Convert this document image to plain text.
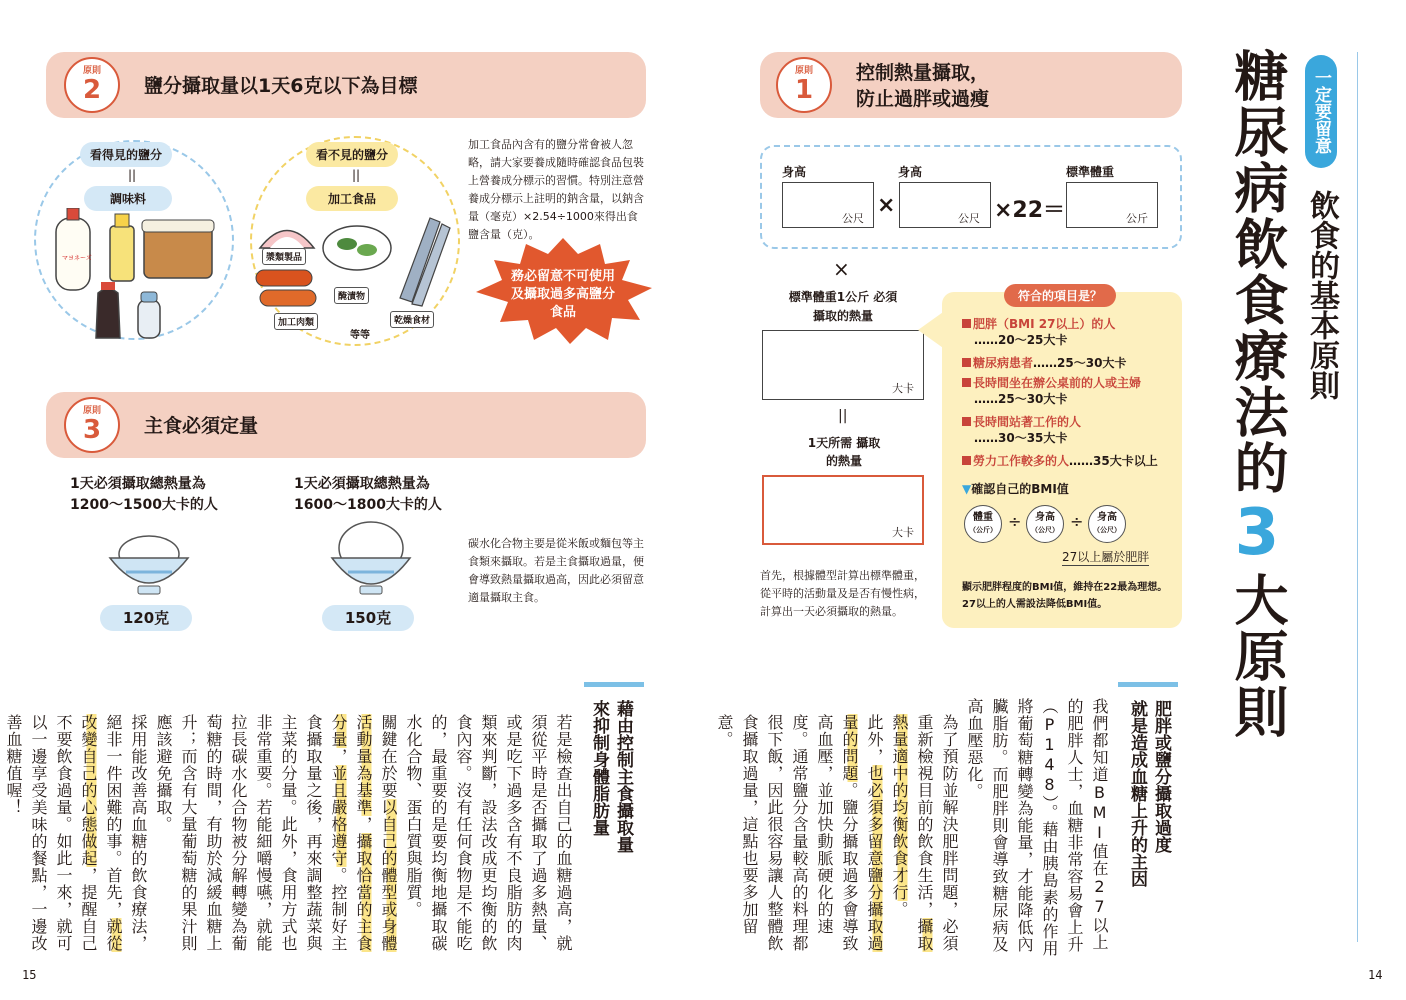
原則
2	鹽分攝取量以1天6克以下為目標
看得見的鹽分
||
調味料
マヨネーズ
看不見的鹽分
||
加工食品
漿類製品
醃漬物
加工肉類	乾燥食材
等等
加工食品內含有的鹽分常會被人忽略，請大家要養成隨時確認食品包裝上營養成分標示的習慣。特別注意營養成分標示上註明的鈉含量，以鈉含量（毫克）×2.54÷1000來得出食鹽含量（克）。
務必留意不可使用及攝取過多高鹽分食品
原則
3	主食必須定量
1天必須攝取總熱量為 1200～1500大卡的人
1天必須攝取總熱量為 1600～1800大卡的人
120克	150克
碳水化合物主要是從米飯或麵包等主食類來攝取。若是主食攝取過量，便會導致熱量攝取過高，因此必須留意適量攝取主食。
藉由控制主食攝取量
來抑制身體脂肪量
若是檢查出自己的血糖過高，就須從平時是否攝取了過多熱量、或是吃下過多含有不良脂肪的肉類來判斷，設法改成更均衡的飲食內容。沒有任何食物是不能吃的，最重要的是要均衡地攝取碳水化合物、蛋白質與脂質。
關鍵在於要以自己的體型或身體活動量為基準，攝取恰當的主食分量，並且嚴格遵守。控制好主食攝取量之後，再來調整蔬菜與主菜的分量。此外，食用方式也非常重要。若能細嚼慢嚥，就能拉長碳水化合物被分解轉變為葡萄糖的時間，有助於減緩血糖上升；而含有大量葡萄糖的果汁則應該避免攝取。
採用能改善高血糖的飲食療法，絕非一件困難的事。首先，就從改變自己的心態做起，提醒自己不要飲食過量。如此一來，就可以一邊享受美味的餐點，一邊改善血糖值喔！
15
原則
1
控制熱量攝取，
防止過胖或過瘦
身高	身高	標準體重
公尺
×
公尺 ×22＝	公斤
×
標準體重1公斤 必須攝取的熱量
大卡
||
1天所需 攝取的熱量
大卡
首先，根據體型計算出標準體重，從平時的活動量及是否有慢性病，計算出一天必須攝取的熱量。
符合的項目是？
肥胖（BMI 27以上）的人
……20～25大卡
糖尿病患者……25～30大卡
長時間坐在辦公桌前的人或主婦
……25～30大卡
長時間站著工作的人
……30～35大卡
勞力工作較多的人……35大卡以上
▼確認自己的BMI值
體重
（公斤） ÷	身高
（公尺） ÷	身高
（公尺）
27以上屬於肥胖
顯示肥胖程度的BMI值，維持在22最為理想。27以上的人需設法降低BMI值。
肥胖或鹽分攝取過度
就是造成血糖上升的主因
我們都知道BMI值在27以上的肥胖人士，血糖非常容易會上升（P148）。藉由胰島素的作用將葡萄糖轉變為能量，才能降低內臟脂肪。而肥胖則會導致糖尿病及高血壓惡化。
為了預防並解決肥胖問題，必須重新檢視目前的飲食生活，攝取熱量適中的均衡飲食才行。
此外，也必須多留意鹽分攝取過量的問題。鹽分攝取過多會導致高血壓，並加快動脈硬化的速度。通常鹽分含量較高的料理都很下飯，因此很容易讓人整體飲食攝取過量，這點也要多加留意。
糖尿病飲食療法的3大原則
一定要留意
飲食的基本原則
14
